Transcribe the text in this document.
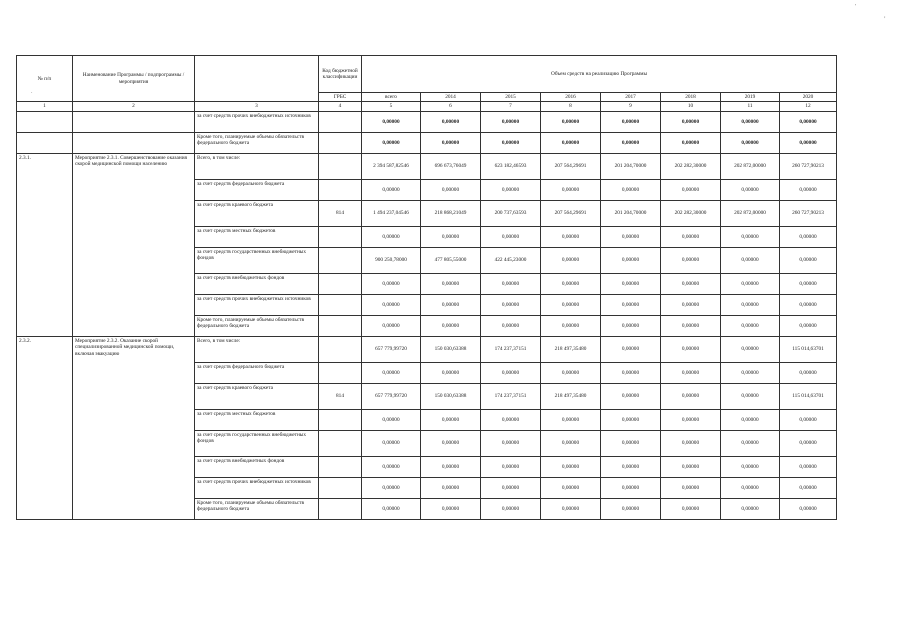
'
,
.
№ п/п	Наименование Программы / подпрограммы / мероприятия		Код бюджетной классификации	Объем средств на реализацию Программы							
			ГРБС	всего	2014	2015	2016	2017	2018	2019	2020
1	2	3	4	5	6	7	8	9	10	11	12
		за счет средств прочих внебюджетных источников		0,00000	0,00000	0,00000	0,00000	0,00000	0,00000	0,00000	0,00000
		Кроме того, планируемые объемы обязательств федерального бюджета		0,00000	0,00000	0,00000	0,00000	0,00000	0,00000	0,00000	0,00000
2.3.1.	Мероприятие 2.3.1. Совершенствование оказания скорой медицинской помощи населению	Всего, в том числе:		2 394 587,82546	696 673,76049	623 182,46593	207 564,29691	201 204,70000	202 282,30000	202 872,00000	260 727,90213
		за счет средств федерального бюджета		0,00000	0,00000	0,00000	0,00000	0,00000	0,00000	0,00000	0,00000
		за счет средств краевого бюджета	814	1 494 237,04546	218 868,21049	200 737,63593	207 564,29691	201 204,70000	202 282,30000	202 872,00000	260 727,90213
		за счет средств местных бюджетов		0,00000	0,00000	0,00000	0,00000	0,00000	0,00000	0,00000	0,00000
		за счет средств государственных внебюджетных фондов		900 250,78000	477 805,55000	422 445,23000	0,00000	0,00000	0,00000	0,00000	0,00000
		за счет средств внебюджетных фондов		0,00000	0,00000	0,00000	0,00000	0,00000	0,00000	0,00000	0,00000
		за счет средств прочих внебюджетных источников		0,00000	0,00000	0,00000	0,00000	0,00000	0,00000	0,00000	0,00000
		Кроме того, планируемые объемы обязательств федерального бюджета		0,00000	0,00000	0,00000	0,00000	0,00000	0,00000	0,00000	0,00000
2.3.2.	Мероприятие 2.3.2. Оказание скорой специализированной медицинской помощи, включая эвакуацию	Всего, в том числе:		657 779,99720	150 030,63388	174 237,37151	218 497,35480	0,00000	0,00000	0,00000	115 014,63701
		за счет средств федерального бюджета		0,00000	0,00000	0,00000	0,00000	0,00000	0,00000	0,00000	0,00000
		за счет средств краевого бюджета	814	657 779,99720	150 030,63388	174 237,37151	218 497,35480	0,00000	0,00000	0,00000	115 014,63701
		за счет средств местных бюджетов		0,00000	0,00000	0,00000	0,00000	0,00000	0,00000	0,00000	0,00000
		за счет средств государственных внебюджетных фондов		0,00000	0,00000	0,00000	0,00000	0,00000	0,00000	0,00000	0,00000
		за счет средств внебюджетных фондов		0,00000	0,00000	0,00000	0,00000	0,00000	0,00000	0,00000	0,00000
		за счет средств прочих внебюджетных источников		0,00000	0,00000	0,00000	0,00000	0,00000	0,00000	0,00000	0,00000
		Кроме того, планируемые объемы обязательств федерального бюджета		0,00000	0,00000	0,00000	0,00000	0,00000	0,00000	0,00000	0,00000
